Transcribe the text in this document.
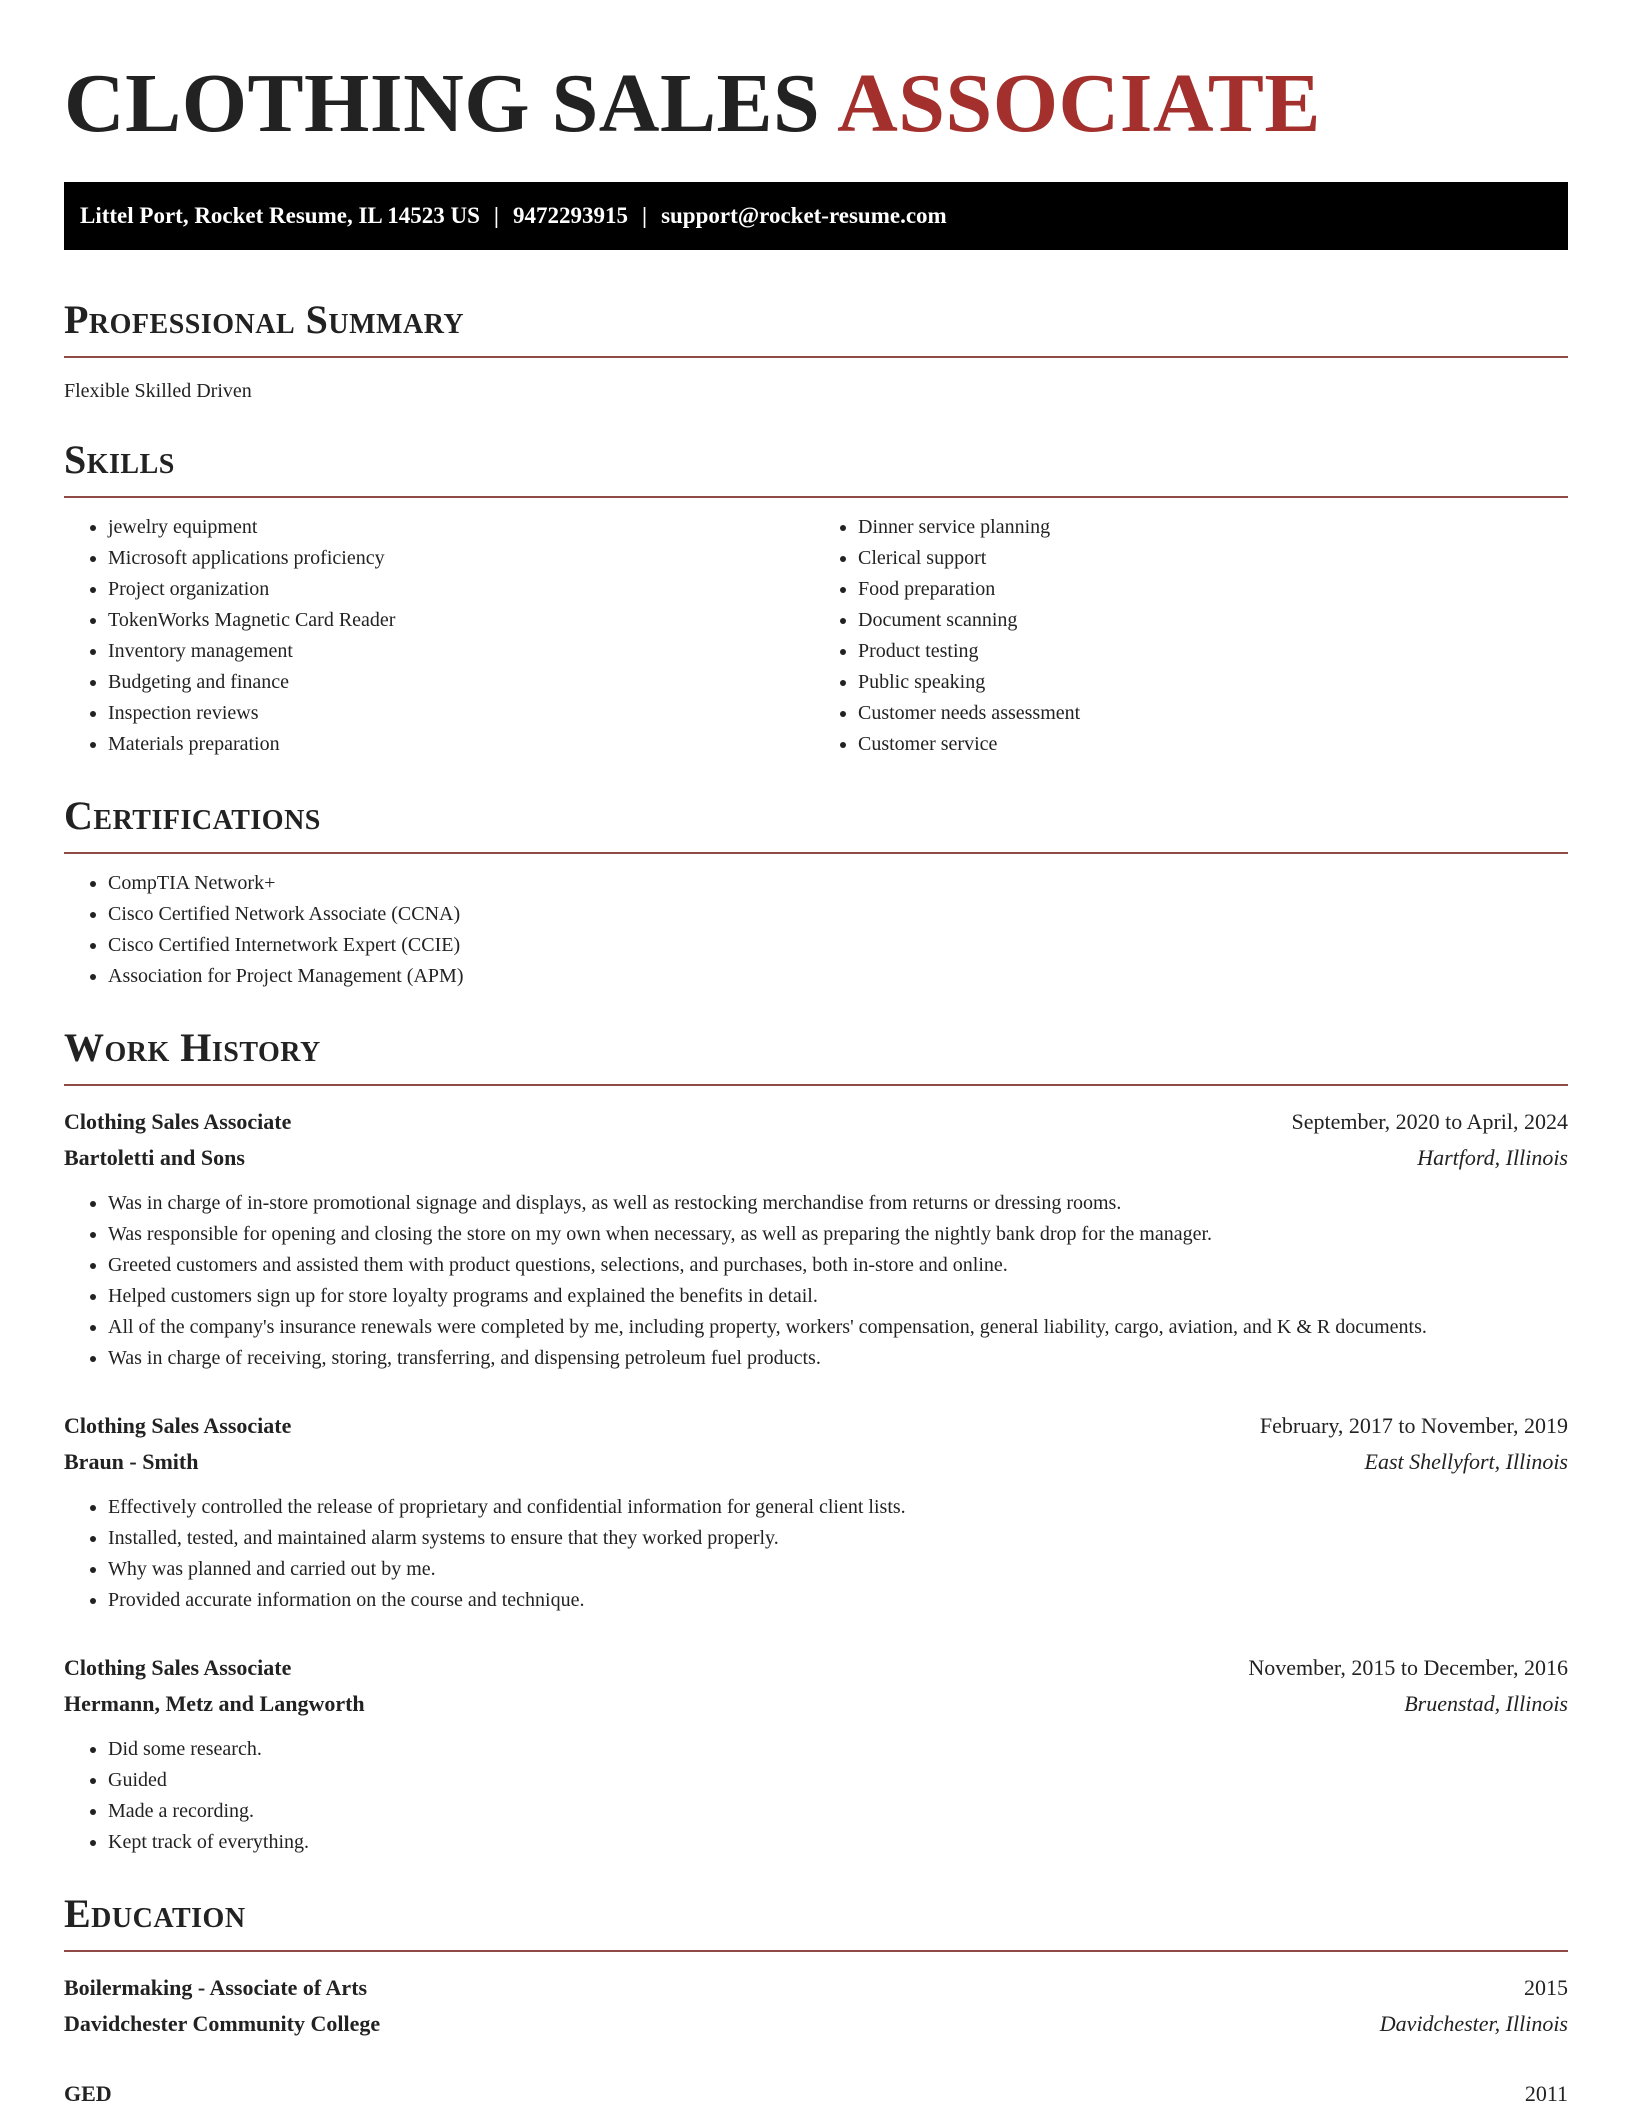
CLOTHING SALES ASSOCIATE
Littel Port, Rocket Resume, IL 14523 US | 9472293915 | support@rocket-resume.com
Professional Summary

Flexible Skilled Driven

Skills
• jewelry equipment
• Microsoft applications proficiency
• Project organization
• TokenWorks Magnetic Card Reader
• Inventory management
• Budgeting and finance
• Inspection reviews
• Materials preparation
• Dinner service planning
• Clerical support
• Food preparation
• Document scanning
• Product testing
• Public speaking
• Customer needs assessment
• Customer service
Certifications
• CompTIA Network+
• Cisco Certified Network Associate (CCNA)
• Cisco Certified Internetwork Expert (CCIE)
• Association for Project Management (APM)
Work History
Clothing Sales Associate	September, 2020 to April, 2024
Bartoletti and Sons	Hartford, Illinois
• Was in charge of in-store promotional signage and displays, as well as restocking merchandise from returns or dressing rooms.
• Was responsible for opening and closing the store on my own when necessary, as well as preparing the nightly bank drop for the manager.
• Greeted customers and assisted them with product questions, selections, and purchases, both in-store and online.
• Helped customers sign up for store loyalty programs and explained the benefits in detail.
• All of the company's insurance renewals were completed by me, including property, workers' compensation, general liability, cargo, aviation, and K & R documents.
• Was in charge of receiving, storing, transferring, and dispensing petroleum fuel products.
Clothing Sales Associate	February, 2017 to November, 2019
Braun - Smith	East Shellyfort, Illinois
• Effectively controlled the release of proprietary and confidential information for general client lists.
• Installed, tested, and maintained alarm systems to ensure that they worked properly.
• Why was planned and carried out by me.
• Provided accurate information on the course and technique.
Clothing Sales Associate	November, 2015 to December, 2016
Hermann, Metz and Langworth	Bruenstad, Illinois
• Did some research.
• Guided
• Made a recording.
• Kept track of everything.
Education
Boilermaking - Associate of Arts	2015
Davidchester Community College	Davidchester, Illinois
GED	2011
